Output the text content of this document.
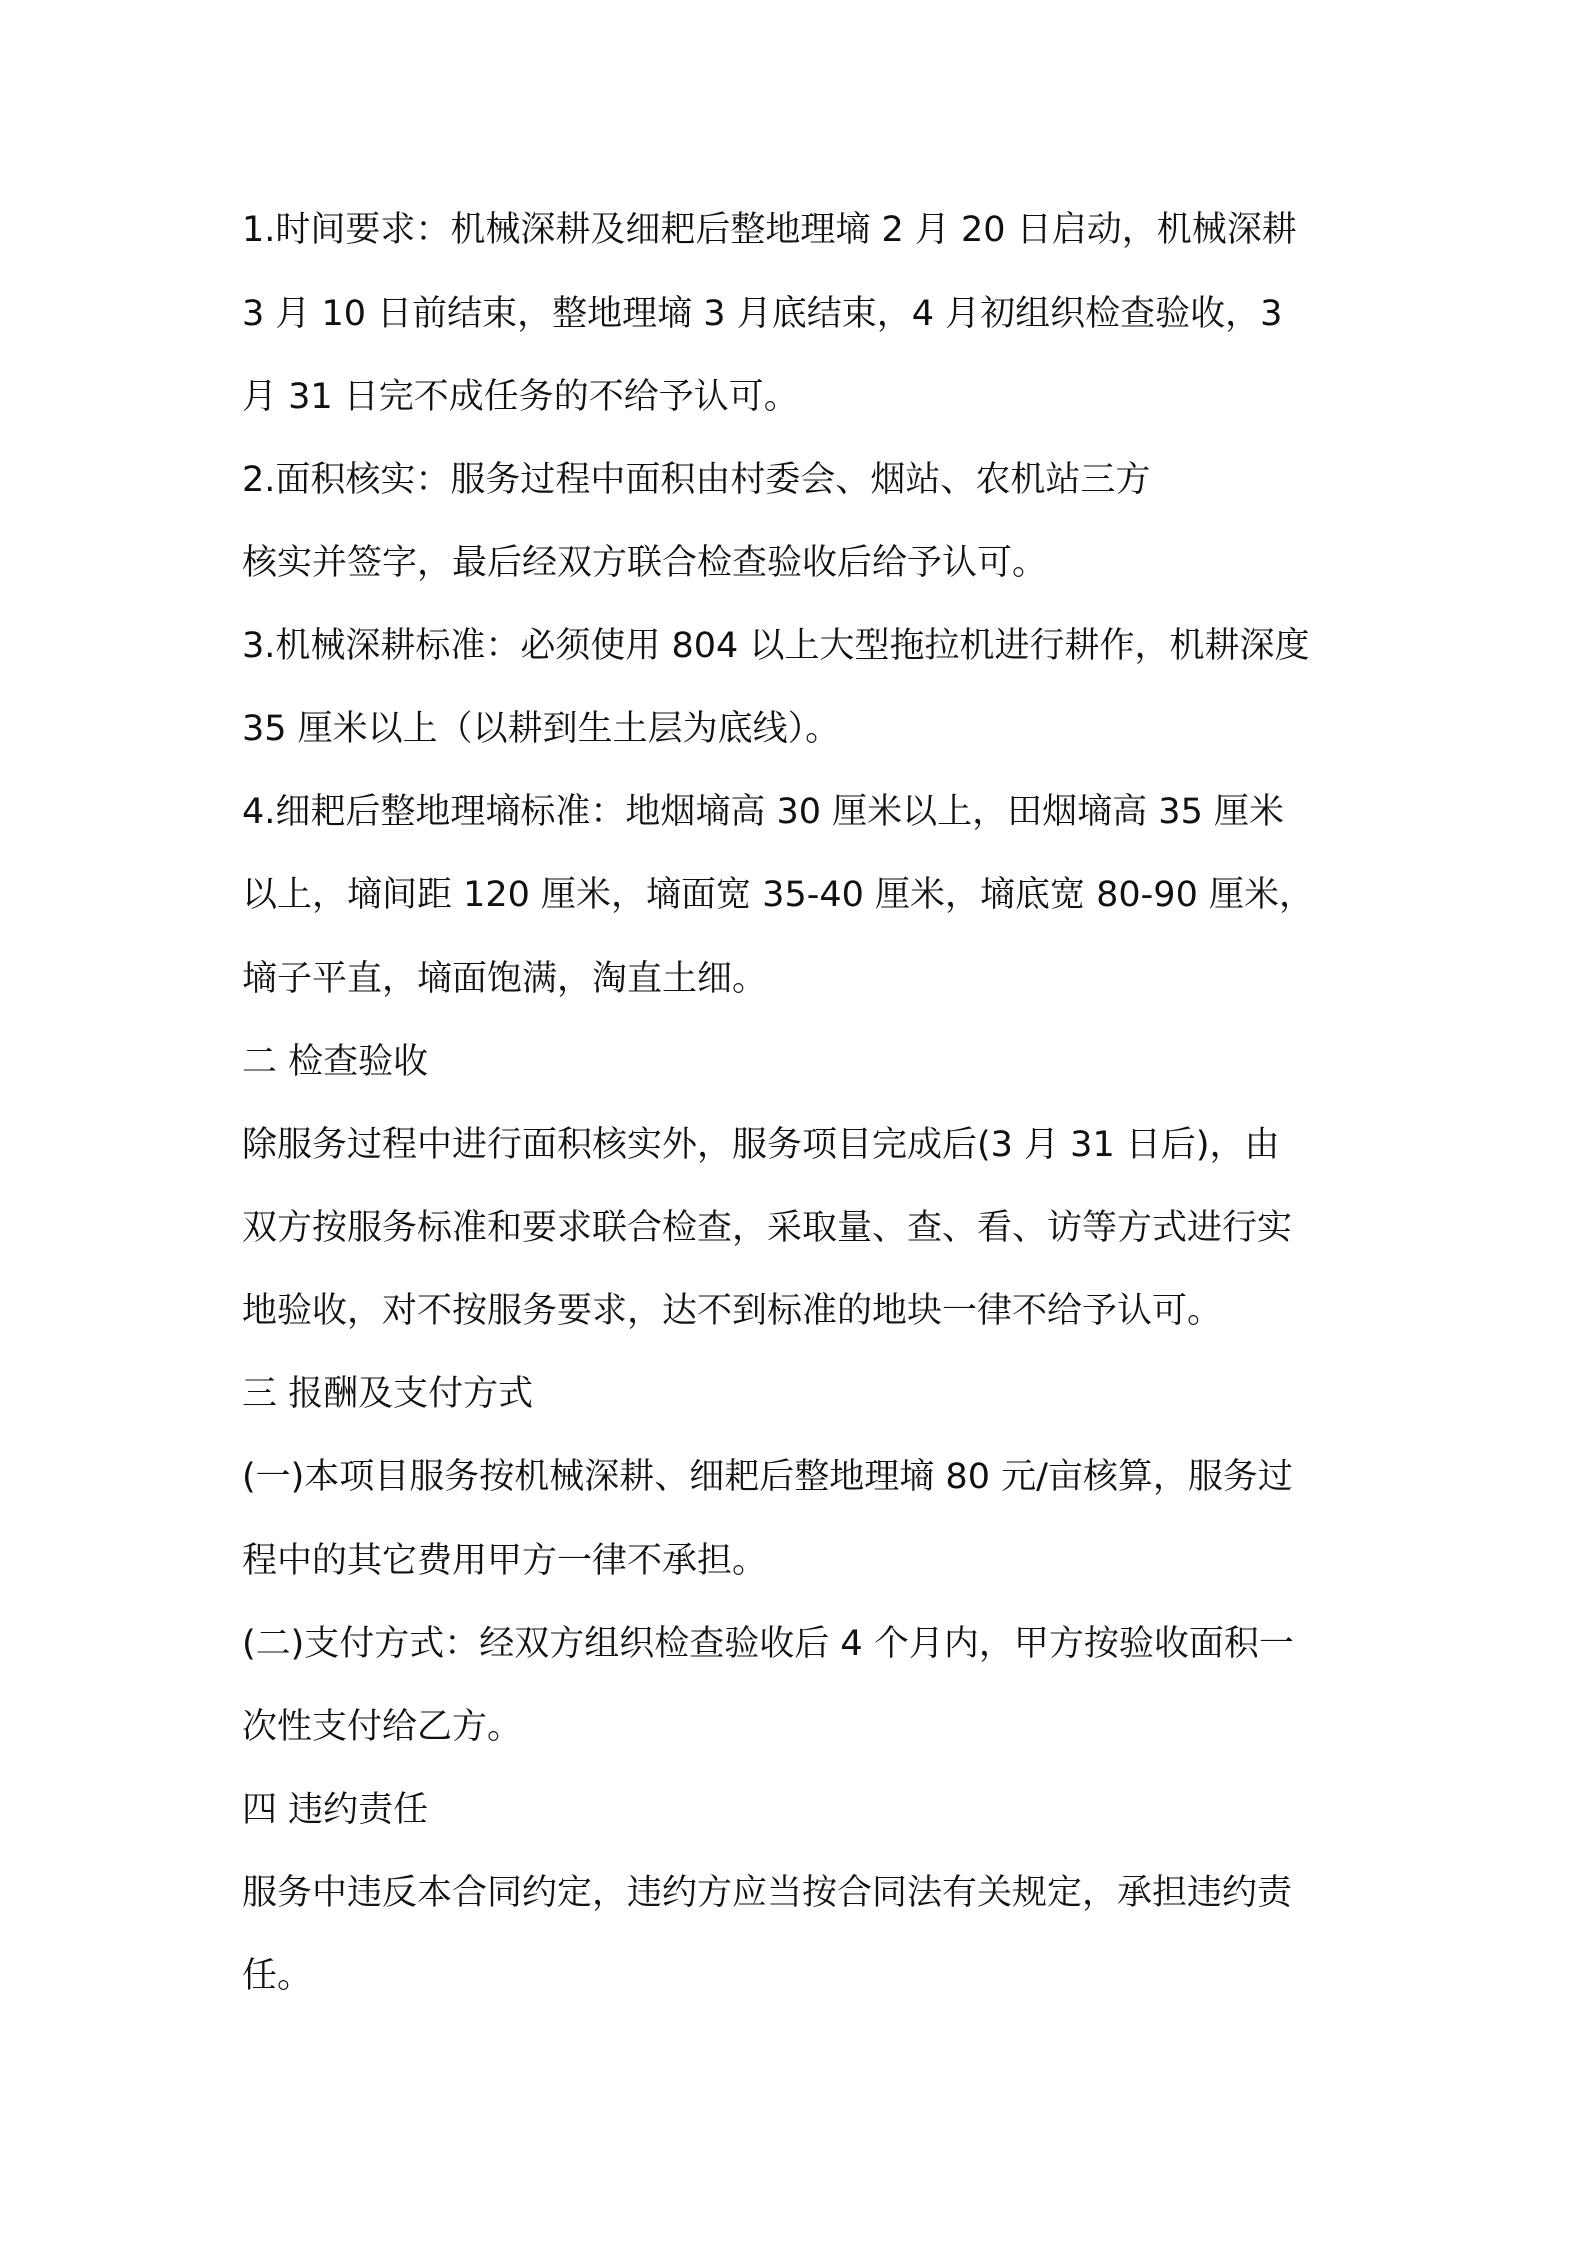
1.时间要求：机械深耕及细耙后整地理墒 2 月 20 日启动，机械深耕
3 月 10 日前结束，整地理墒 3 月底结束，4 月初组织检查验收，3
月 31 日完不成任务的不给予认可。
2.面积核实：服务过程中面积由村委会、烟站、农机站三方
核实并签字，最后经双方联合检查验收后给予认可。
3.机械深耕标准：必须使用 804 以上大型拖拉机进行耕作，机耕深度
35 厘米以上（以耕到生土层为底线）。
4.细耙后整地理墒标准：地烟墒高 30 厘米以上，田烟墒高 35 厘米
以上，墒间距 120 厘米，墒面宽 35-40 厘米，墒底宽 80-90 厘米，
墒子平直，墒面饱满，淘直土细。
二 检查验收
除服务过程中进行面积核实外，服务项目完成后(3 月 31 日后)，由
双方按服务标准和要求联合检查，采取量、查、看、访等方式进行实
地验收，对不按服务要求，达不到标准的地块一律不给予认可。
三 报酬及支付方式
(一)本项目服务按机械深耕、细耙后整地理墒 80 元/亩核算，服务过
程中的其它费用甲方一律不承担。
(二)支付方式：经双方组织检查验收后 4 个月内，甲方按验收面积一
次性支付给乙方。
四 违约责任
服务中违反本合同约定，违约方应当按合同法有关规定，承担违约责
任。
